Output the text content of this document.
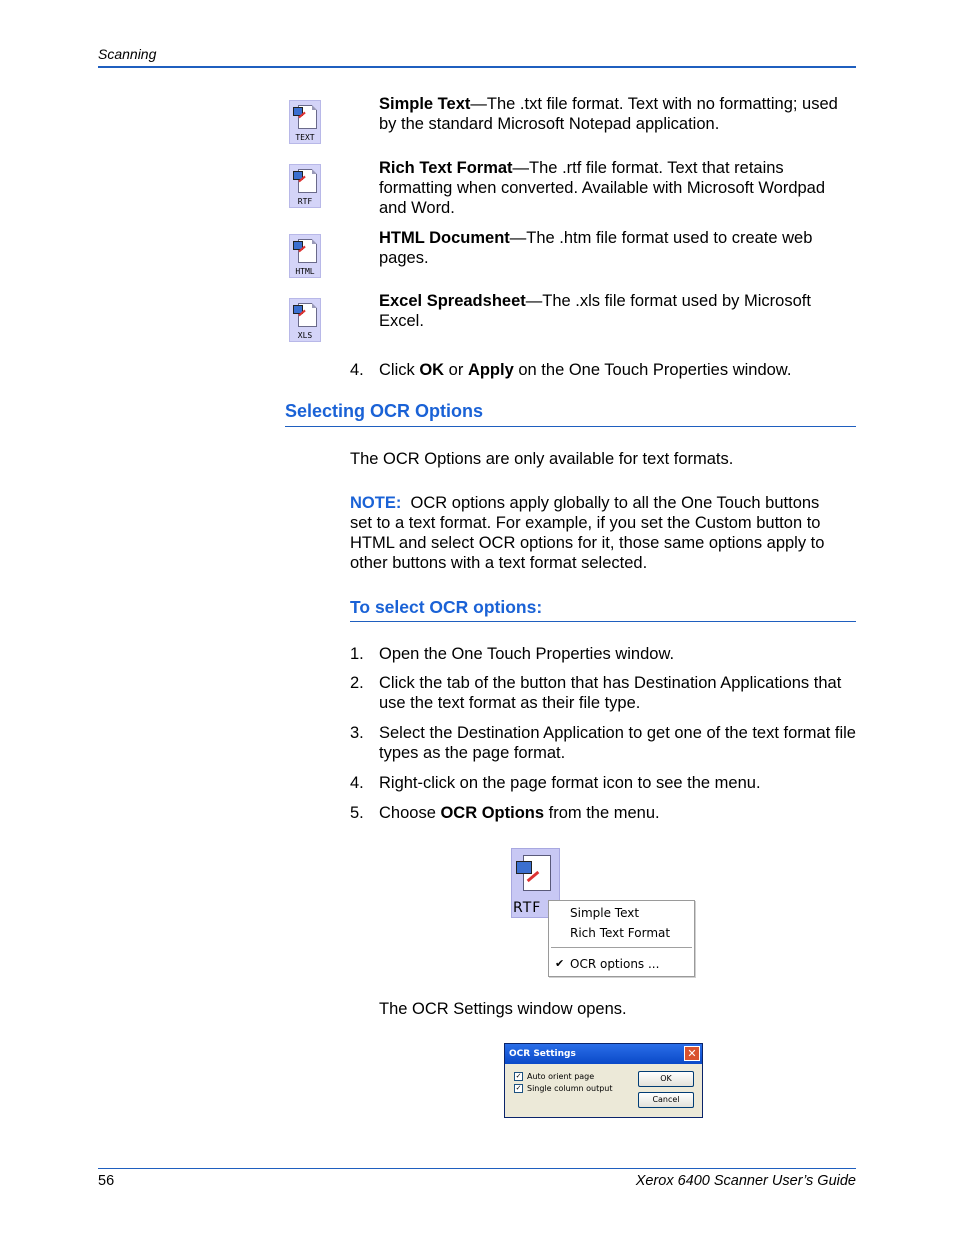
Scanning
TEXT
Simple Text—The .txt file format. Text with no formatting; used by the standard Microsoft Notepad application.
RTF
Rich Text Format—The .rtf file format. Text that retains formatting when converted. Available with Microsoft Wordpad and Word.
HTML
HTML Document—The .htm file format used to create web pages.
XLS
Excel Spreadsheet—The .xls file format used by Microsoft Excel.
4. Click OK or Apply on the One Touch Properties window.
Selecting OCR Options
The OCR Options are only available for text formats.
NOTE: OCR options apply globally to all the One Touch buttons set to a text format. For example, if you set the Custom button to HTML and select OCR options for it, those same options apply to other buttons with a text format selected.
To select OCR options:
1. Open the One Touch Properties window.
2. Click the tab of the button that has Destination Applications that use the text format as their file type.
3. Select the Destination Application to get one of the text format file types as the page format.
4. Right-click on the page format icon to see the menu.
5. Choose OCR Options from the menu.
RTF Simple Text
Rich Text Format
✔ OCR options ...
The OCR Settings window opens.
OCR Settings	✕
✓ Auto orient page
✓ Single column output
OK
Cancel
56	Xerox 6400 Scanner User’s Guide
